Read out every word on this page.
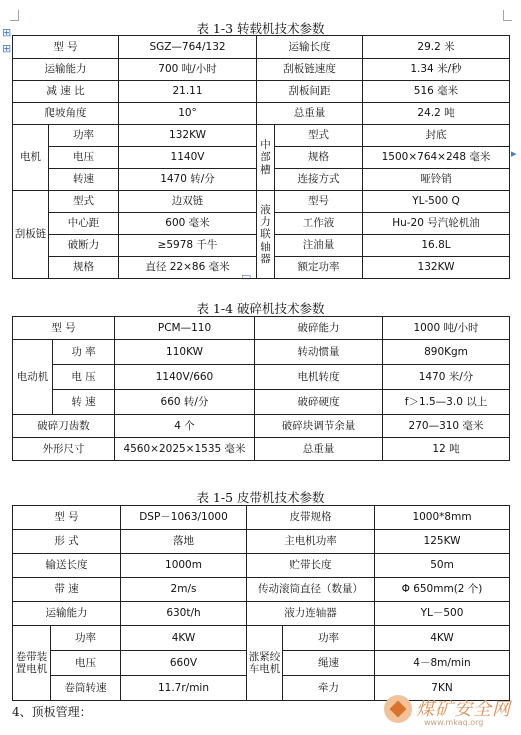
⊞
⊞
▭
▸
表 1-3 转载机技术参数
型 号		SGZ—764/132	运输长度		29.2 米
运输能力		700 吨/小时	刮板链速度		1.34 米/秒
减 速 比		21.11	刮板间距		516 毫米
爬坡角度		10°	总重量		24.2 吨
电机	功率	132KW	中部槽	型式	封底
	电压	1140V		规格	1500×764×248 毫米
	转速	1470 转/分		连接方式	哑铃销
刮板链	型式	边双链	液力联轴器	型号	YL-500 Q
	中心距	600 毫米		工作液	Hu-20 号汽轮机油
	破断力	≥5978 千牛		注油量	16.8L
	规格	直径 22×86 毫米		额定功率	132KW
表 1-4 破碎机技术参数
型 号		PCM—110	破碎能力	1000 吨/小时
电动机	功 率	110KW	转动惯量	890Kgm
	电 压	1140V/660	电机转度	1470 米/分
	转 速	660 转/分	破碎硬度	f＞1.5—3.0 以上
破碎刀齿数		4 个	破碎块调节余量	270—310 毫米
外形尺寸		4560×2025×1535 毫米	总重量	12 吨
表 1-5 皮带机技术参数
型 号		DSP－1063/1000	皮带规格		1000*8mm
形 式		落地	主电机功率		125KW
输送长度		1000m	贮带长度		50m
带 速		2m/s	传动滚筒直径（数量）		Φ 650mm(2 个)
运输能力		630t/h	液力连轴器		YL－500
卷带装置电机	功率	4KW	涨紧绞车电机	功率	4KW
	电压	660V		绳速	4－8m/min
	卷筒转速	11.7r/min		牵力	7KN
4、顶板管理：	煤矿安全网
www.mkaq.org
